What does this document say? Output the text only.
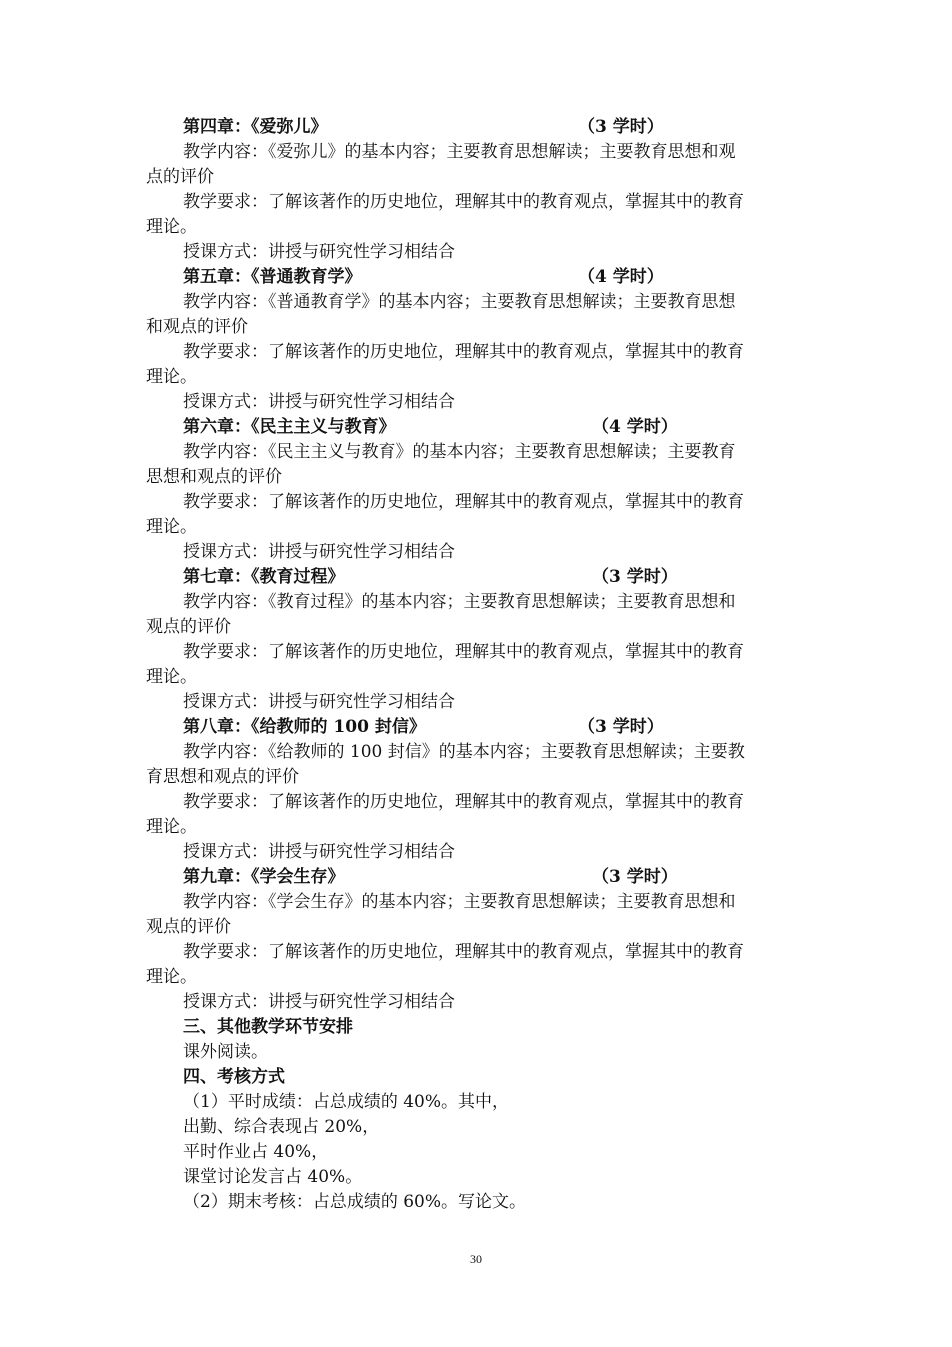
第四章：《爱弥儿》	（3 学时）
教学内容：《爱弥儿》的基本内容；主要教育思想解读；主要教育思想和观
点的评价
教学要求：了解该著作的历史地位，理解其中的教育观点，掌握其中的教育
理论。
授课方式：讲授与研究性学习相结合
第五章：《普通教育学》	（4 学时）
教学内容：《普通教育学》的基本内容；主要教育思想解读；主要教育思想
和观点的评价
教学要求：了解该著作的历史地位，理解其中的教育观点，掌握其中的教育
理论。
授课方式：讲授与研究性学习相结合
第六章：《民主主义与教育》	（4 学时）
教学内容：《民主主义与教育》的基本内容；主要教育思想解读；主要教育
思想和观点的评价
教学要求：了解该著作的历史地位，理解其中的教育观点，掌握其中的教育
理论。
授课方式：讲授与研究性学习相结合
第七章：《教育过程》	（3 学时）
教学内容：《教育过程》的基本内容；主要教育思想解读；主要教育思想和
观点的评价
教学要求：了解该著作的历史地位，理解其中的教育观点，掌握其中的教育
理论。
授课方式：讲授与研究性学习相结合
第八章：《给教师的 100 封信》	（3 学时）
教学内容：《给教师的 100 封信》的基本内容；主要教育思想解读；主要教
育思想和观点的评价
教学要求：了解该著作的历史地位，理解其中的教育观点，掌握其中的教育
理论。
授课方式：讲授与研究性学习相结合
第九章：《学会生存》	（3 学时）
教学内容：《学会生存》的基本内容；主要教育思想解读；主要教育思想和
观点的评价
教学要求：了解该著作的历史地位，理解其中的教育观点，掌握其中的教育
理论。
授课方式：讲授与研究性学习相结合
三、其他教学环节安排
课外阅读。
四、考核方式
（1）平时成绩：占总成绩的 40%。其中，
出勤、综合表现占 20%，
平时作业占 40%，
课堂讨论发言占 40%。
（2）期末考核：占总成绩的 60%。写论文。
30
